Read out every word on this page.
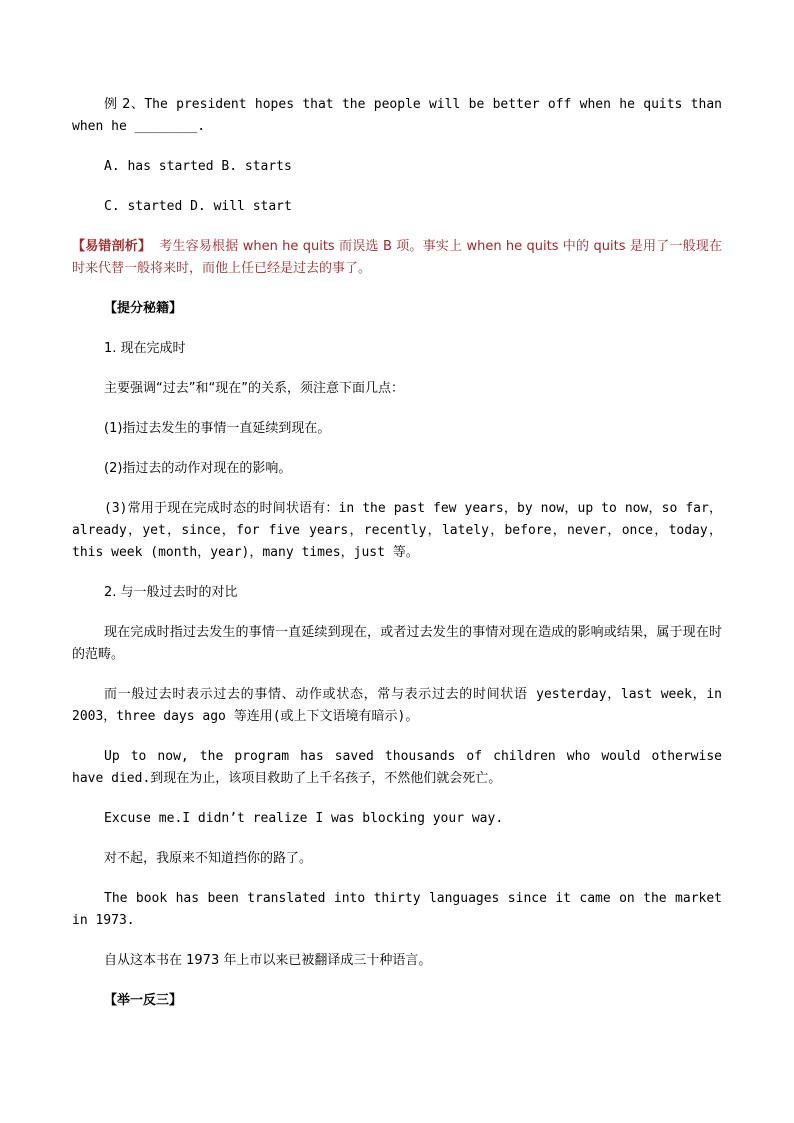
例 2、The president hopes that the people will be better off when he quits than when he ________.

A. has started B. starts

C. started D. will start

【易错剖析】 考生容易根据 when he quits 而误选 B 项。事实上 when he quits 中的 quits 是用了一般现在时来代替一般将来时，而他上任已经是过去的事了。

【提分秘籍】

1. 现在完成时

主要强调“过去”和“现在”的关系，须注意下面几点：

(1)指过去发生的事情一直延续到现在。

(2)指过去的动作对现在的影响。

(3)常用于现在完成时态的时间状语有：in the past few years，by now，up to now，so far，already，yet，since，for five years，recently，lately，before，never，once，today，this week (month，year)，many times，just 等。

2. 与一般过去时的对比

现在完成时指过去发生的事情一直延续到现在，或者过去发生的事情对现在造成的影响或结果，属于现在时的范畴。

而一般过去时表示过去的事情、动作或状态，常与表示过去的时间状语 yesterday，last week，in 2003，three days ago 等连用(或上下文语境有暗示)。

Up to now, the program has saved thousands of children who would otherwise have died.到现在为止，该项目救助了上千名孩子，不然他们就会死亡。

Excuse me.I didn’t realize I was blocking your way.

对不起，我原来不知道挡你的路了。

The book has been translated into thirty languages since it came on the market in 1973.

自从这本书在 1973 年上市以来已被翻译成三十种语言。

【举一反三】
